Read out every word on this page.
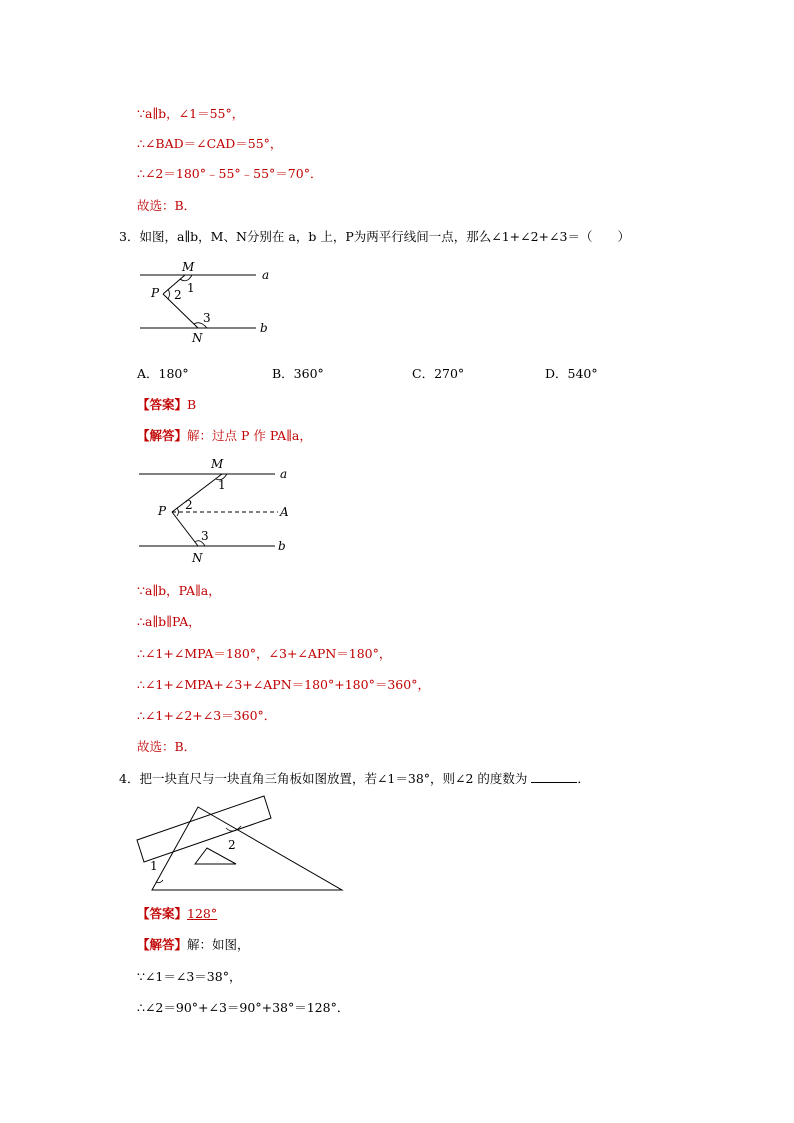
∵a∥b，∠1＝55°，
∴∠BAD＝∠CAD＝55°，
∴∠2＝180°﹣55°﹣55°＝70°．
故选：B．
3．如图，a∥b，M、N分别在 a，b 上，P为两平行线间一点，那么∠1+∠2+∠3＝（　　）
M
N
P
a
b
1
2
3
A．180°	B．360°	C．270°	D．540°
【答案】B
【解答】解：过点 P 作 PA∥a，
M
N
P	A
a
b
1
2
3
∵a∥b，PA∥a，
∴a∥b∥PA，
∴∠1+∠MPA＝180°，∠3+∠APN＝180°，
∴∠1+∠MPA+∠3+∠APN＝180°+180°＝360°，
∴∠1+∠2+∠3＝360°．
故选：B．
4．把一块直尺与一块直角三角板如图放置，若∠1＝38°，则∠2 的度数为	．
1
2
【答案】128°
【解答】解：如图，
∵∠1＝∠3＝38°，
∴∠2＝90°+∠3＝90°+38°＝128°．
